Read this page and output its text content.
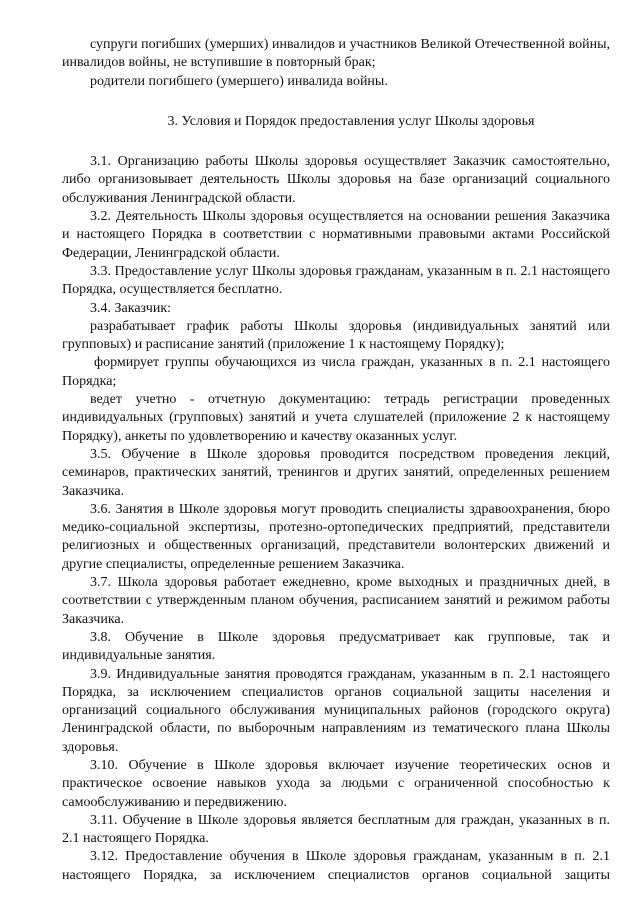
супруги погибших (умерших) инвалидов и участников Великой Отечественной войны, инвалидов войны, не вступившие в повторный брак;

родители погибшего (умершего) инвалида войны.

3. Условия и Порядок предоставления услуг Школы здоровья

3.1. Организацию работы Школы здоровья осуществляет Заказчик самостоятельно, либо организовывает деятельность Школы здоровья на базе организаций социального обслуживания Ленинградской области.

3.2. Деятельность Школы здоровья осуществляется на основании решения Заказчика и настоящего Порядка в соответствии с нормативными правовыми актами Российской Федерации, Ленинградской области.

3.3. Предоставление услуг Школы здоровья гражданам, указанным в п. 2.1 настоящего Порядка, осуществляется бесплатно.

3.4. Заказчик:

разрабатывает график работы Школы здоровья (индивидуальных занятий или групповых) и расписание занятий (приложение 1 к настоящему Порядку);

формирует группы обучающихся из числа граждан, указанных в п. 2.1 настоящего Порядка;

ведет учетно - отчетную документацию: тетрадь регистрации проведенных индивидуальных (групповых) занятий и учета слушателей (приложение 2 к настоящему Порядку), анкеты по удовлетворению и качеству оказанных услуг.

3.5. Обучение в Школе здоровья проводится посредством проведения лекций, семинаров, практических занятий, тренингов и других занятий, определенных решением Заказчика.

3.6. Занятия в Школе здоровья могут проводить специалисты здравоохранения, бюро медико-социальной экспертизы, протезно-ортопедических предприятий, представители религиозных и общественных организаций, представители волонтерских движений и другие специалисты, определенные решением Заказчика.

3.7. Школа здоровья работает ежедневно, кроме выходных и праздничных дней, в соответствии с утвержденным планом обучения, расписанием занятий и режимом работы Заказчика.

3.8. Обучение в Школе здоровья предусматривает как групповые, так и индивидуальные занятия.

3.9. Индивидуальные занятия проводятся гражданам, указанным в п. 2.1 настоящего Порядка, за исключением специалистов органов социальной защиты населения и организаций социального обслуживания муниципальных районов (городского округа) Ленинградской области, по выборочным направлениям из тематического плана Школы здоровья.

3.10. Обучение в Школе здоровья включает изучение теоретических основ и практическое освоение навыков ухода за людьми с ограниченной способностью к самообслуживанию и передвижению.

3.11. Обучение в Школе здоровья является бесплатным для граждан, указанных в п. 2.1 настоящего Порядка.

3.12. Предоставление обучения в Школе здоровья гражданам, указанным в п. 2.1 настоящего Порядка, за исключением специалистов органов социальной защиты
